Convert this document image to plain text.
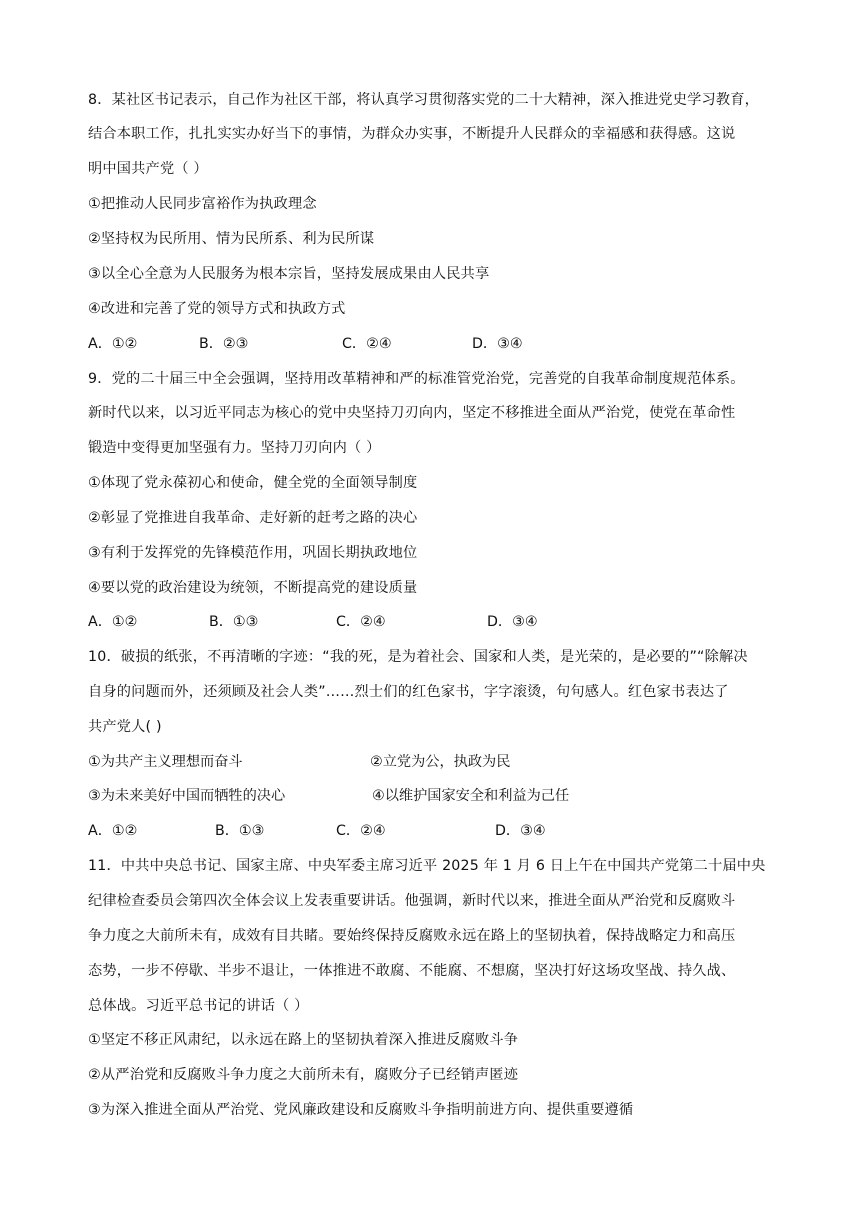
8．某社区书记表示，自己作为社区干部，将认真学习贯彻落实党的二十大精神，深入推进党史学习教育，
结合本职工作，扎扎实实办好当下的事情，为群众办实事，不断提升人民群众的幸福感和获得感。这说
明中国共产党（ ）
①把推动人民同步富裕作为执政理念
②坚持权为民所用、情为民所系、利为民所谋
③以全心全意为人民服务为根本宗旨，坚持发展成果由人民共享
④改进和完善了党的领导方式和执政方式
A．①②	B．②③	C．②④	D．③④
9．党的二十届三中全会强调，坚持用改革精神和严的标准管党治党，完善党的自我革命制度规范体系。
新时代以来，以习近平同志为核心的党中央坚持刀刃向内，坚定不移推进全面从严治党，使党在革命性
锻造中变得更加坚强有力。坚持刀刃向内（ ）
①体现了党永葆初心和使命，健全党的全面领导制度
②彰显了党推进自我革命、走好新的赶考之路的决心
③有利于发挥党的先锋模范作用，巩固长期执政地位
④要以党的政治建设为统领，不断提高党的建设质量
A．①②	B．①③	C．②④	D．③④
10．破损的纸张，不再清晰的字迹：“我的死，是为着社会、国家和人类，是光荣的，是必要的”“除解决
自身的问题而外，还须顾及社会人类”……烈士们的红色家书，字字滚烫，句句感人。红色家书表达了
共产党人( )
①为共产主义理想而奋斗	②立党为公，执政为民
③为未来美好中国而牺牲的决心	④以维护国家安全和利益为己任
A．①②	B．①③	C．②④	D．③④
11．中共中央总书记、国家主席、中央军委主席习近平 2025 年 1 月 6 日上午在中国共产党第二十届中央
纪律检查委员会第四次全体会议上发表重要讲话。他强调，新时代以来，推进全面从严治党和反腐败斗
争力度之大前所未有，成效有目共睹。要始终保持反腐败永远在路上的坚韧执着，保持战略定力和高压
态势，一步不停歇、半步不退让，一体推进不敢腐、不能腐、不想腐，坚决打好这场攻坚战、持久战、
总体战。习近平总书记的讲话（ ）
①坚定不移正风肃纪，以永远在路上的坚韧执着深入推进反腐败斗争
②从严治党和反腐败斗争力度之大前所未有，腐败分子已经销声匿迹
③为深入推进全面从严治党、党风廉政建设和反腐败斗争指明前进方向、提供重要遵循
